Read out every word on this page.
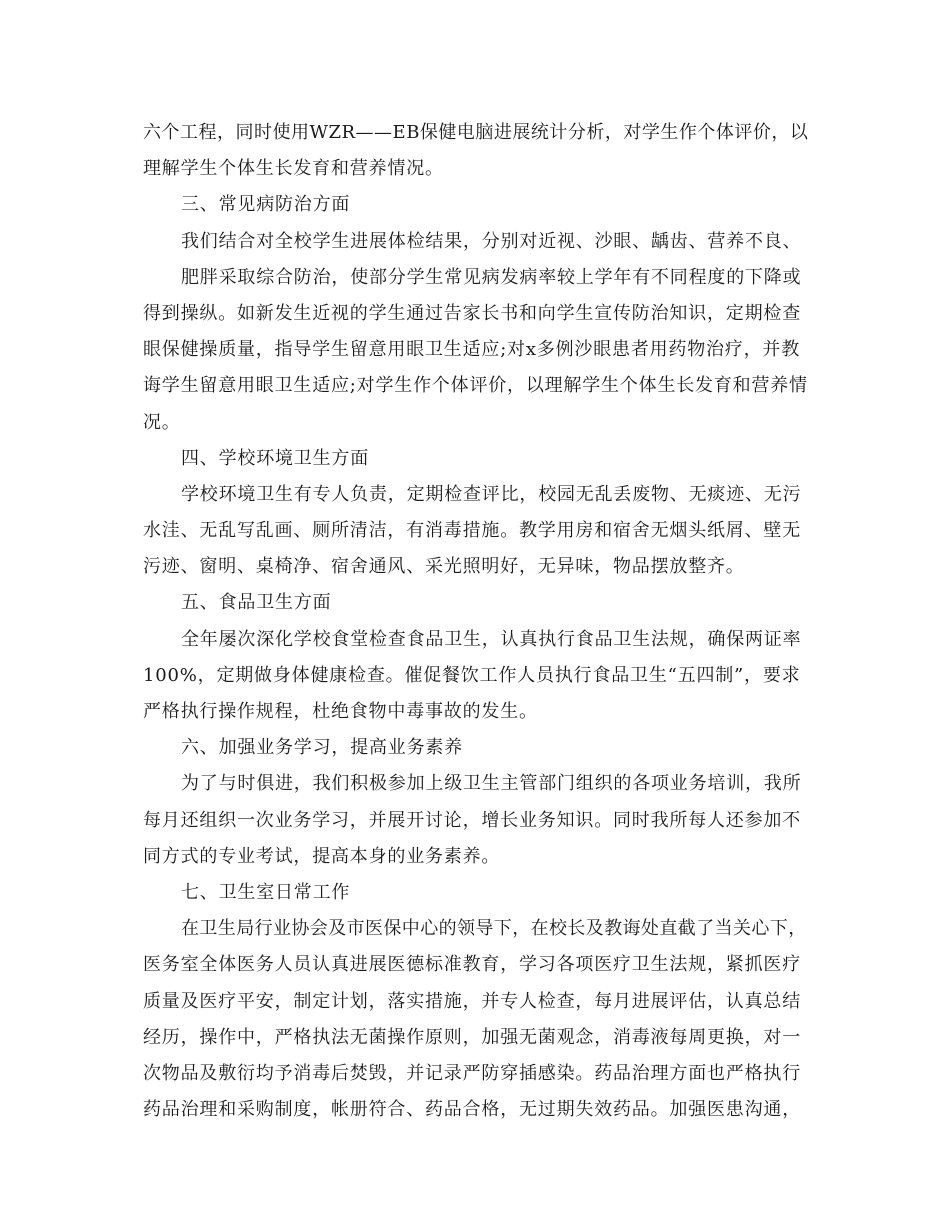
六个工程，同时使用WZR——EB保健电脑进展统计分析，对学生作个体评价，以
理解学生个体生长发育和营养情况。
三、常见病防治方面
我们结合对全校学生进展体检结果，分别对近视、沙眼、龋齿、营养不良、
肥胖采取综合防治，使部分学生常见病发病率较上学年有不同程度的下降或
得到操纵。如新发生近视的学生通过告家长书和向学生宣传防治知识，定期检查
眼保健操质量，指导学生留意用眼卫生适应;对x多例沙眼患者用药物治疗，并教
诲学生留意用眼卫生适应;对学生作个体评价，以理解学生个体生长发育和营养情
况。
四、学校环境卫生方面
学校环境卫生有专人负责，定期检查评比，校园无乱丢废物、无痰迹、无污
水洼、无乱写乱画、厕所清洁，有消毒措施。教学用房和宿舍无烟头纸屑、壁无
污迹、窗明、桌椅净、宿舍通风、采光照明好，无异味，物品摆放整齐。
五、食品卫生方面
全年屡次深化学校食堂检查食品卫生，认真执行食品卫生法规，确保两证率
100%，定期做身体健康检查。催促餐饮工作人员执行食品卫生“五四制”，要求
严格执行操作规程，杜绝食物中毒事故的发生。
六、加强业务学习，提高业务素养
为了与时俱进，我们积极参加上级卫生主管部门组织的各项业务培训，我所
每月还组织一次业务学习，并展开讨论，增长业务知识。同时我所每人还参加不
同方式的专业考试，提高本身的业务素养。
七、卫生室日常工作
在卫生局行业协会及市医保中心的领导下，在校长及教诲处直截了当关心下，
医务室全体医务人员认真进展医德标准教育，学习各项医疗卫生法规，紧抓医疗
质量及医疗平安，制定计划，落实措施，并专人检查，每月进展评估，认真总结
经历，操作中，严格执法无菌操作原则，加强无菌观念，消毒液每周更换，对一
次物品及敷衍均予消毒后焚毁，并记录严防穿插感染。药品治理方面也严格执行
药品治理和采购制度，帐册符合、药品合格，无过期失效药品。加强医患沟通，
